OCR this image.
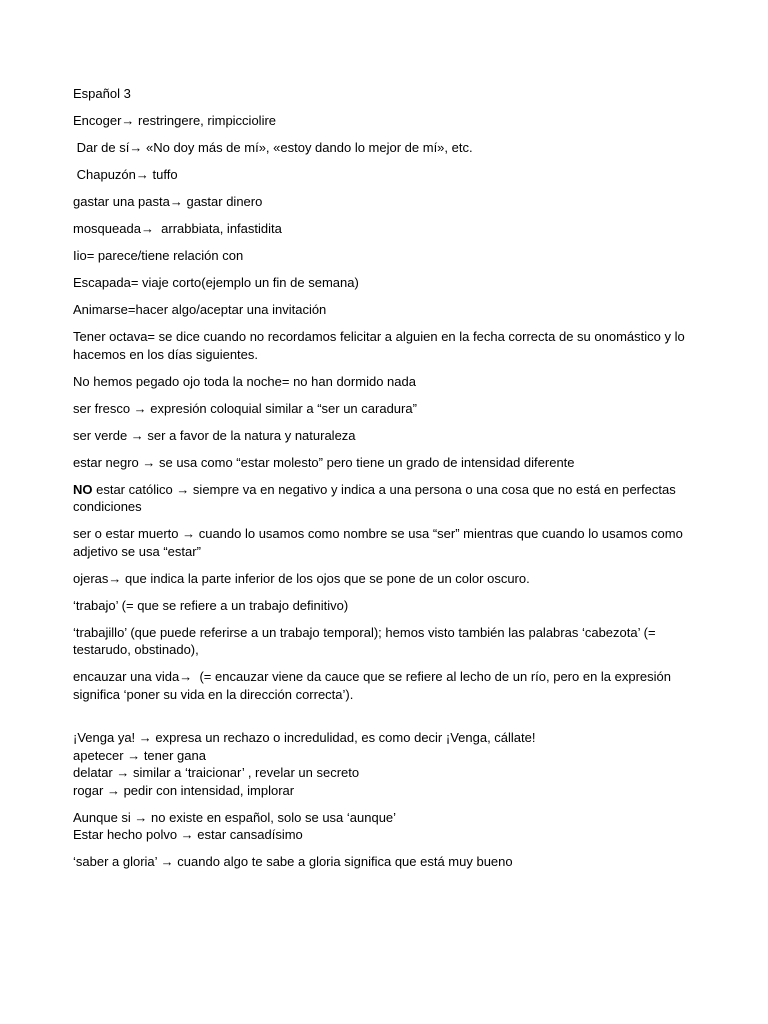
Español 3

Encoger→ restringere, rimpicciolire

Dar de sí→ «No doy más de mí», «estoy dando lo mejor de mí», etc.

Chapuzón→ tuffo

gastar una pasta→ gastar dinero

mosqueada→  arrabbiata, infastidita

Iio= parece/tiene relación con

Escapada= viaje corto(ejemplo un fin de semana)

Animarse=hacer algo/aceptar una invitación

Tener octava= se dice cuando no recordamos felicitar a alguien en la fecha correcta de su onomástico y lo hacemos en los días siguientes.

No hemos pegado ojo toda la noche= no han dormido nada

ser fresco → expresión coloquial similar a “ser un caradura”

ser verde → ser a favor de la natura y naturaleza

estar negro → se usa como “estar molesto” pero tiene un grado de intensidad diferente

NO estar católico → siempre va en negativo y indica a una persona o una cosa que no está en perfectas condiciones

ser o estar muerto → cuando lo usamos como nombre se usa “ser” mientras que cuando lo usamos como adjetivo se usa “estar”

ojeras→ que indica la parte inferior de los ojos que se pone de un color oscuro.

‘trabajo’ (= que se refiere a un trabajo definitivo)

‘trabajillo’ (que puede referirse a un trabajo temporal); hemos visto también las palabras ‘cabezota’ (= testarudo, obstinado),

encauzar una vida→  (= encauzar viene da cauce que se refiere al lecho de un río, pero en la expresión significa ‘poner su vida en la dirección correcta’).

¡Venga ya! → expresa un rechazo o incredulidad, es como decir ¡Venga, cállate!
apetecer → tener gana
delatar → similar a ‘traicionar’ , revelar un secreto
rogar → pedir con intensidad, implorar

Aunque si → no existe en español, solo se usa ‘aunque’
Estar hecho polvo → estar cansadísimo

‘saber a gloria’ → cuando algo te sabe a gloria significa que está muy bueno
